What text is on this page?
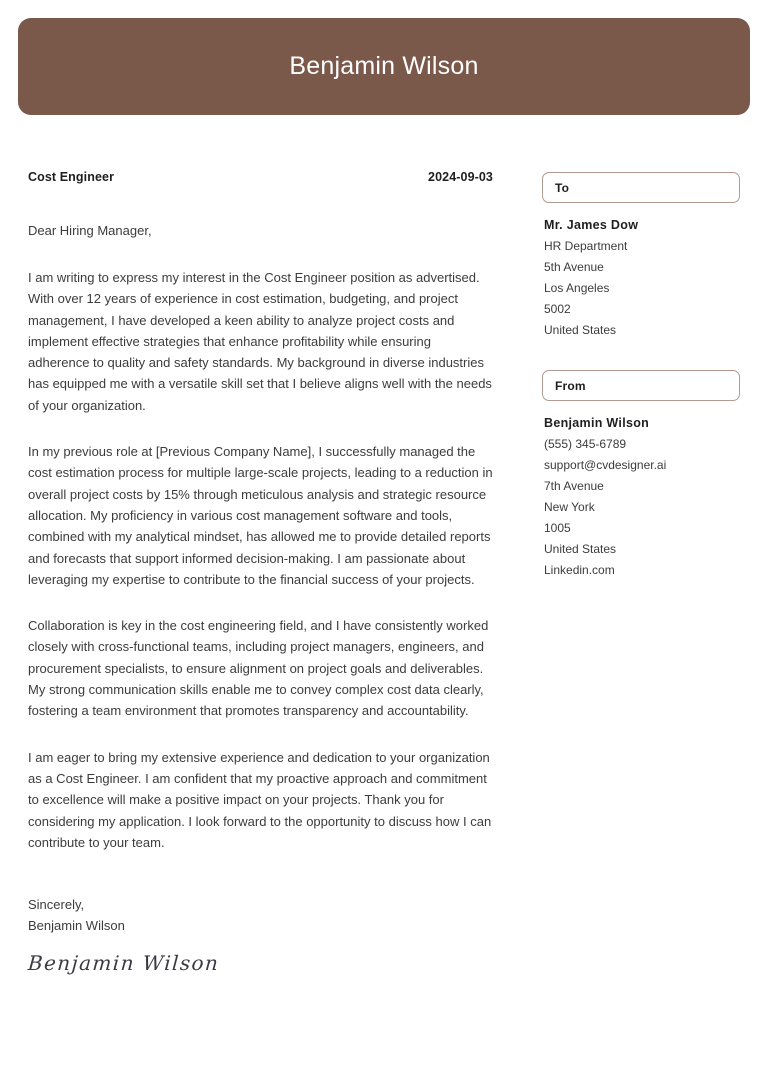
Benjamin Wilson
Cost Engineer	2024-09-03

Dear Hiring Manager,

I am writing to express my interest in the Cost Engineer position as advertised. With over 12 years of experience in cost estimation, budgeting, and project management, I have developed a keen ability to analyze project costs and implement effective strategies that enhance profitability while ensuring adherence to quality and safety standards. My background in diverse industries has equipped me with a versatile skill set that I believe aligns well with the needs of your organization.

In my previous role at [Previous Company Name], I successfully managed the cost estimation process for multiple large-scale projects, leading to a reduction in overall project costs by 15% through meticulous analysis and strategic resource allocation. My proficiency in various cost management software and tools, combined with my analytical mindset, has allowed me to provide detailed reports and forecasts that support informed decision-making. I am passionate about leveraging my expertise to contribute to the financial success of your projects.

Collaboration is key in the cost engineering field, and I have consistently worked closely with cross-functional teams, including project managers, engineers, and procurement specialists, to ensure alignment on project goals and deliverables. My strong communication skills enable me to convey complex cost data clearly, fostering a team environment that promotes transparency and accountability.

I am eager to bring my extensive experience and dedication to your organization as a Cost Engineer. I am confident that my proactive approach and commitment to excellence will make a positive impact on your projects. Thank you for considering my application. I look forward to the opportunity to discuss how I can contribute to your team.

Sincerely,
Benjamin Wilson
Benjamin Wilson
To
Mr. James Dow
HR Department
5th Avenue
Los Angeles
5002
United States
From
Benjamin Wilson
(555) 345-6789
support@cvdesigner.ai
7th Avenue
New York
1005
United States
Linkedin.com
